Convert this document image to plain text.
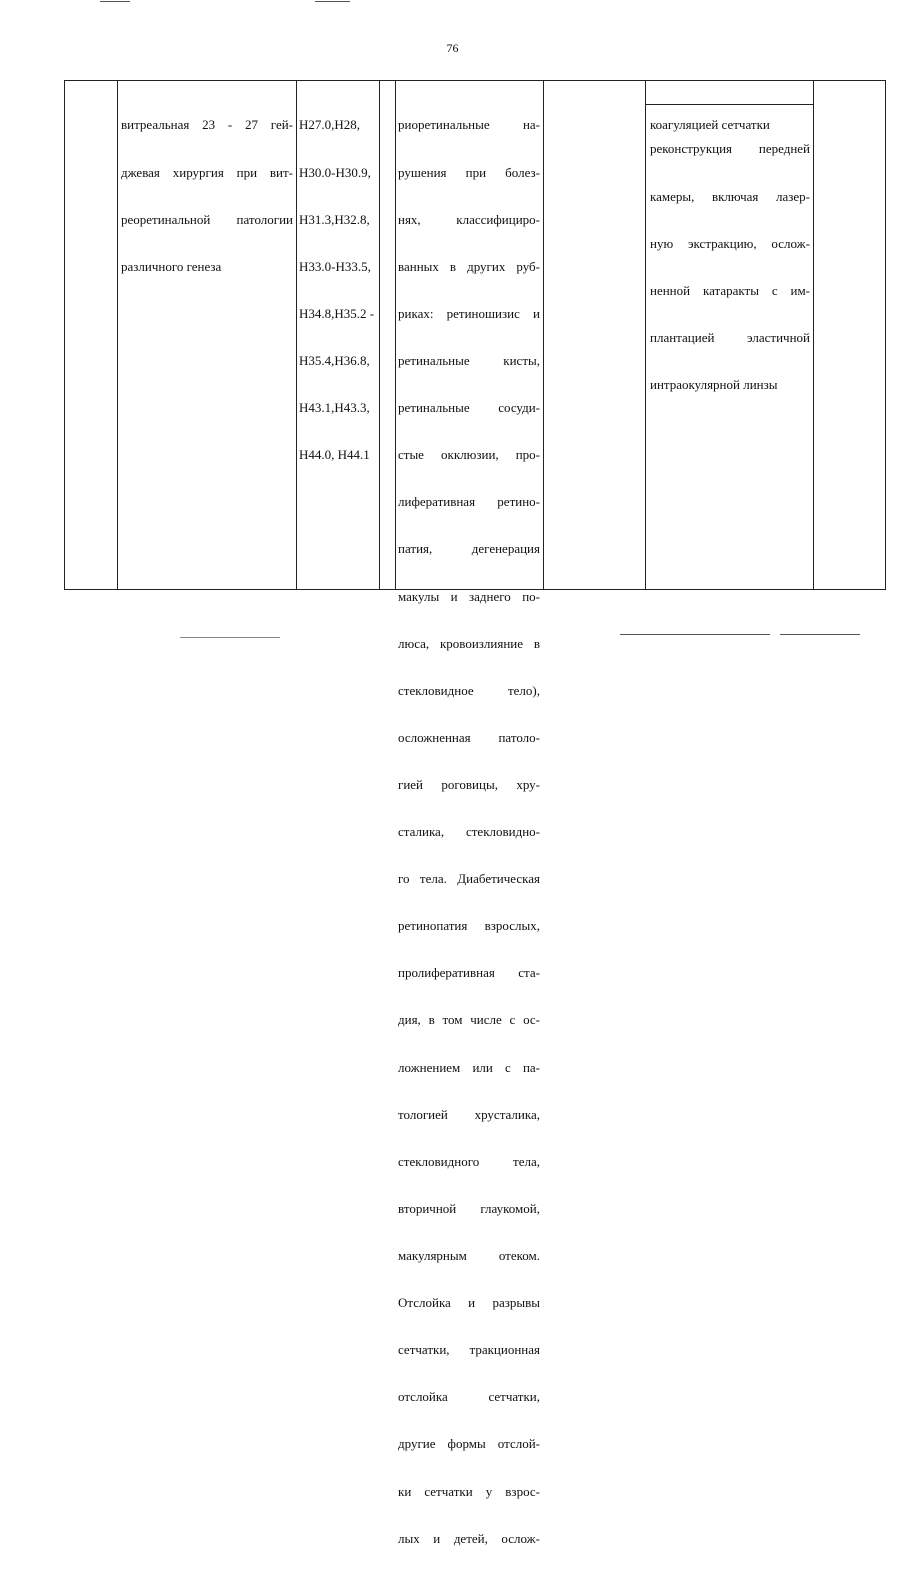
76

витреальная 23 - 27 гей-

джевая хирургия при вит-

реоретинальной патологии

различного генеза

H27.0,H28,

H30.0-H30.9,

H31.3,H32.8,

H33.0-H33.5,

H34.8,H35.2 -

H35.4,H36.8,

H43.1,H43.3,

H44.0, H44.1

риоретинальные на-

рушения при болез-

нях, классифициро-

ванных в других руб-

риках: ретиношизис и

ретинальные кисты,

ретинальные сосуди-

стые окклюзии, про-

лиферативная ретино-

патия, дегенерация

макулы и заднего по-

люса, кровоизлияние в

стекловидное тело),

осложненная патоло-

гией роговицы, хру-

сталика, стекловидно-

го тела. Диабетическая

ретинопатия взрослых,

пролиферативная ста-

дия, в том числе с ос-

ложнением или с па-

тологией хрусталика,

стекловидного тела,

вторичной глаукомой,

макулярным отеком.

Отслойка и разрывы

сетчатки, тракционная

отслойка сетчатки,

другие формы отслой-

ки сетчатки у взрос-

лых и детей, ослож-

коагуляцией сетчатки

реконструкция передней

камеры, включая лазер-

ную экстракцию, ослож-

ненной катаракты с им-

плантацией эластичной

интраокулярной линзы
